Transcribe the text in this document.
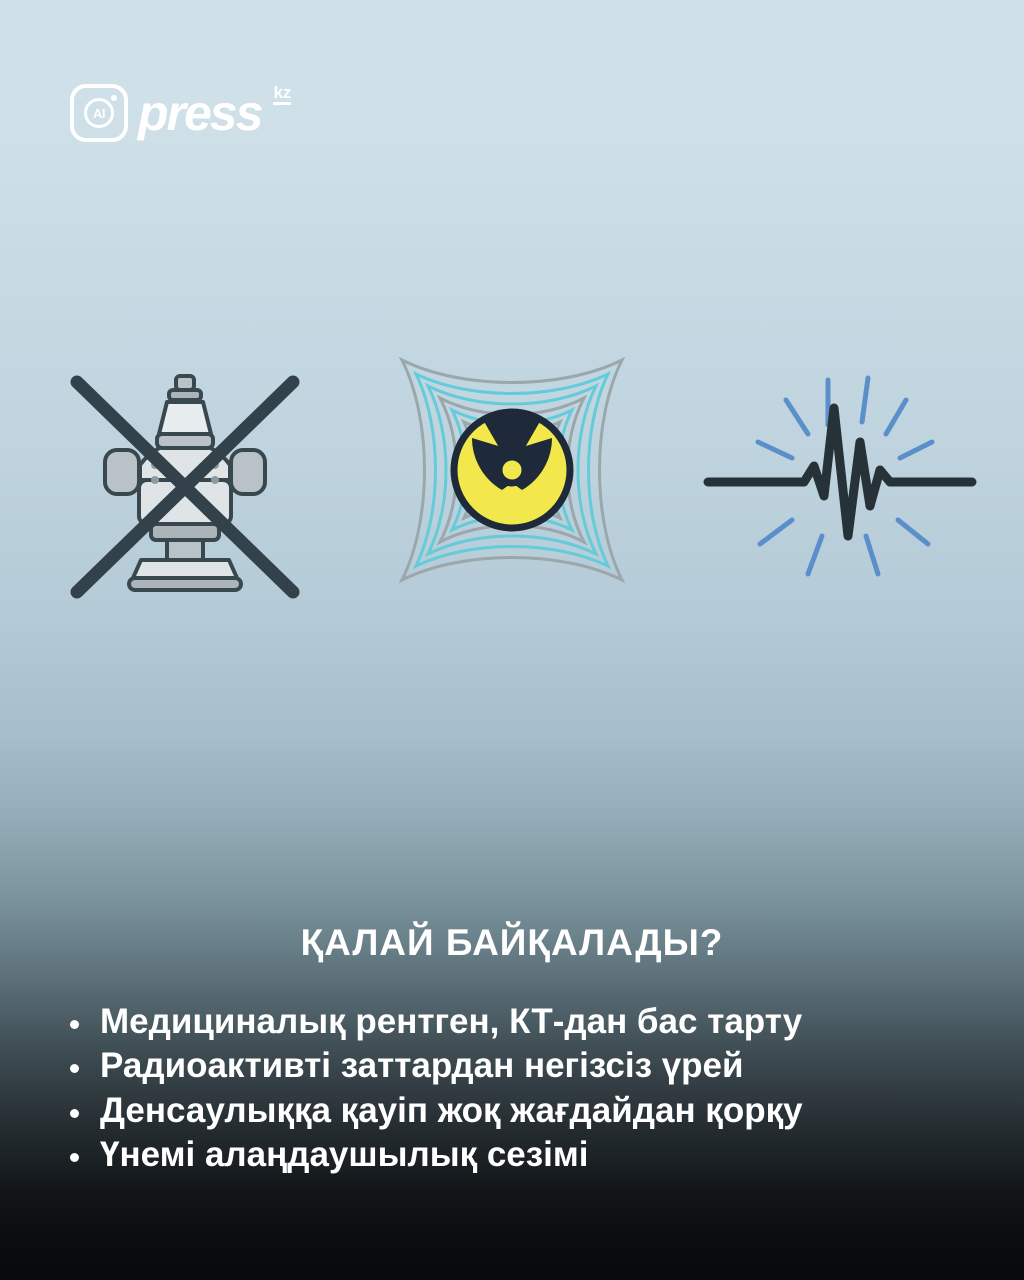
AI press kz
ҚАЛАЙ БАЙҚАЛАДЫ?
Медициналық рентген, КТ-дан бас тарту
Радиоактивті заттардан негізсіз үрей
Денсаулыққа қауіп жоқ жағдайдан қорқу
Үнемі алаңдаушылық сезімі
